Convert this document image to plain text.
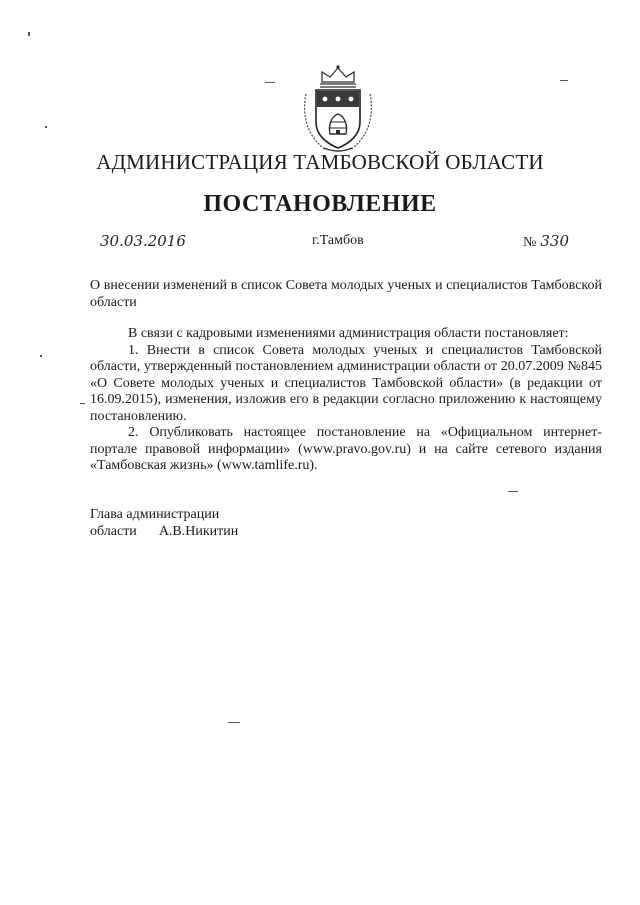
АДМИНИСТРАЦИЯ ТАМБОВСКОЙ ОБЛАСТИ
ПОСТАНОВЛЕНИЕ
30.03.2016	г.Тамбов	№ 330
О внесении изменений в список Совета молодых ученых и специалистов Тамбовской области

В связи с кадровыми изменениями администрация области постановляет:

1. Внести в список Совета молодых ученых и специалистов Тамбовской области, утвержденный постановлением администрации области от 20.07.2009 №845 «О Совете молодых ученых и специалистов Тамбовской области» (в редакции от 16.09.2015), изменения, изложив его в редакции согласно приложению к настоящему постановлению.

2. Опубликовать настоящее постановление на «Официальном интернет-портале правовой информации» (www.pravo.gov.ru) и на сайте сетевого издания «Тамбовская жизнь» (www.tamlife.ru).

Глава администрации
области А.В.Никитин
